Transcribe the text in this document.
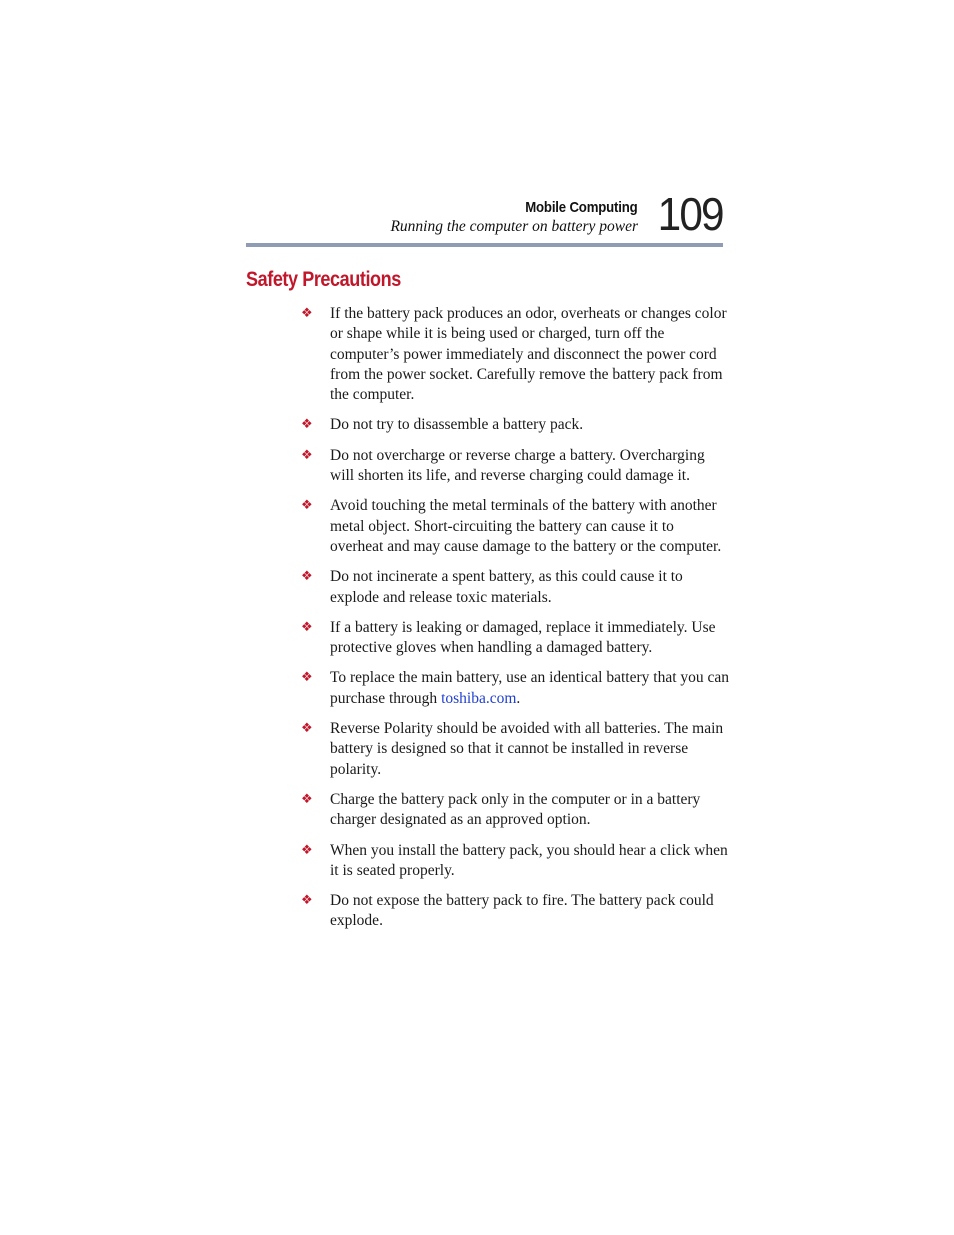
Mobile Computing
Running the computer on battery power 109
Safety Precautions
❖ If the battery pack produces an odor, overheats or changes color or shape while it is being used or charged, turn off the computer’s power immediately and disconnect the power cord from the power socket. Carefully remove the battery pack from the computer.
❖ Do not try to disassemble a battery pack.
❖ Do not overcharge or reverse charge a battery. Overcharging will shorten its life, and reverse charging could damage it.
❖ Avoid touching the metal terminals of the battery with another metal object. Short-circuiting the battery can cause it to overheat and may cause damage to the battery or the computer.
❖ Do not incinerate a spent battery, as this could cause it to explode and release toxic materials.
❖ If a battery is leaking or damaged, replace it immediately. Use protective gloves when handling a damaged battery.
❖ To replace the main battery, use an identical battery that you can purchase through toshiba.com.
❖ Reverse Polarity should be avoided with all batteries. The main battery is designed so that it cannot be installed in reverse polarity.
❖ Charge the battery pack only in the computer or in a battery charger designated as an approved option.
❖ When you install the battery pack, you should hear a click when it is seated properly.
❖ Do not expose the battery pack to fire. The battery pack could explode.
